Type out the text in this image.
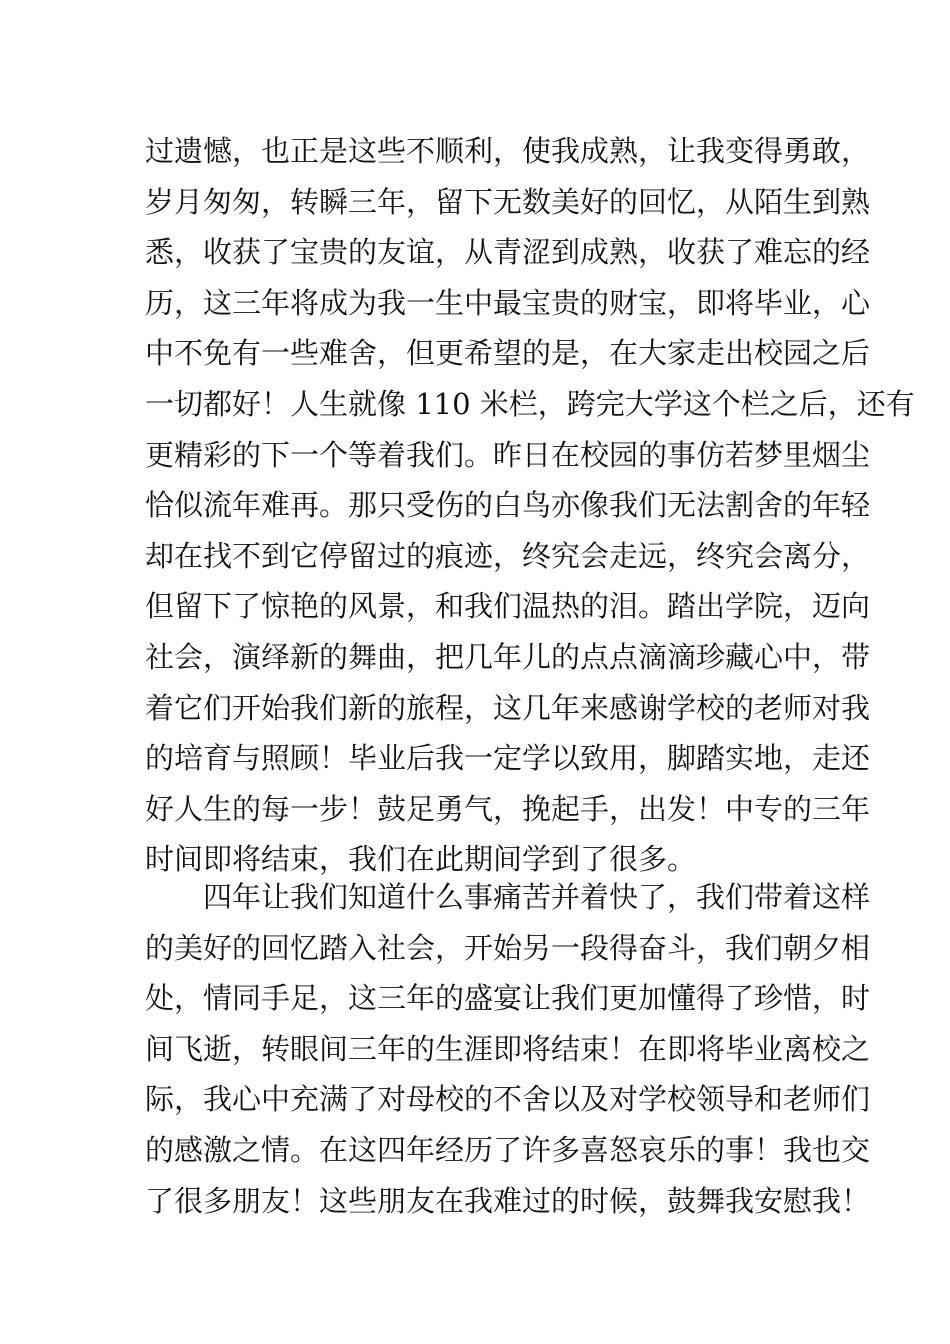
过遗憾，也正是这些不顺利，使我成熟，让我变得勇敢，
岁月匆匆，转瞬三年，留下无数美好的回忆，从陌生到熟
悉，收获了宝贵的友谊，从青涩到成熟，收获了难忘的经
历，这三年将成为我一生中最宝贵的财宝，即将毕业，心
中不免有一些难舍，但更希望的是，在大家走出校园之后
一切都好！人生就像 110 米栏，跨完大学这个栏之后，还有
更精彩的下一个等着我们。昨日在校园的事仿若梦里烟尘
恰似流年难再。那只受伤的白鸟亦像我们无法割舍的年轻
却在找不到它停留过的痕迹，终究会走远，终究会离分，
但留下了惊艳的风景，和我们温热的泪。踏出学院，迈向
社会，演绎新的舞曲，把几年儿的点点滴滴珍藏心中，带
着它们开始我们新的旅程，这几年来感谢学校的老师对我
的培育与照顾！毕业后我一定学以致用，脚踏实地，走还
好人生的每一步！鼓足勇气，挽起手，出发！中专的三年
时间即将结束，我们在此期间学到了很多。
四年让我们知道什么事痛苦并着快了，我们带着这样
的美好的回忆踏入社会，开始另一段得奋斗，我们朝夕相
处，情同手足，这三年的盛宴让我们更加懂得了珍惜，时
间飞逝，转眼间三年的生涯即将结束！在即将毕业离校之
际，我心中充满了对母校的不舍以及对学校领导和老师们
的感激之情。在这四年经历了许多喜怒哀乐的事！我也交
了很多朋友！这些朋友在我难过的时候，鼓舞我安慰我！
